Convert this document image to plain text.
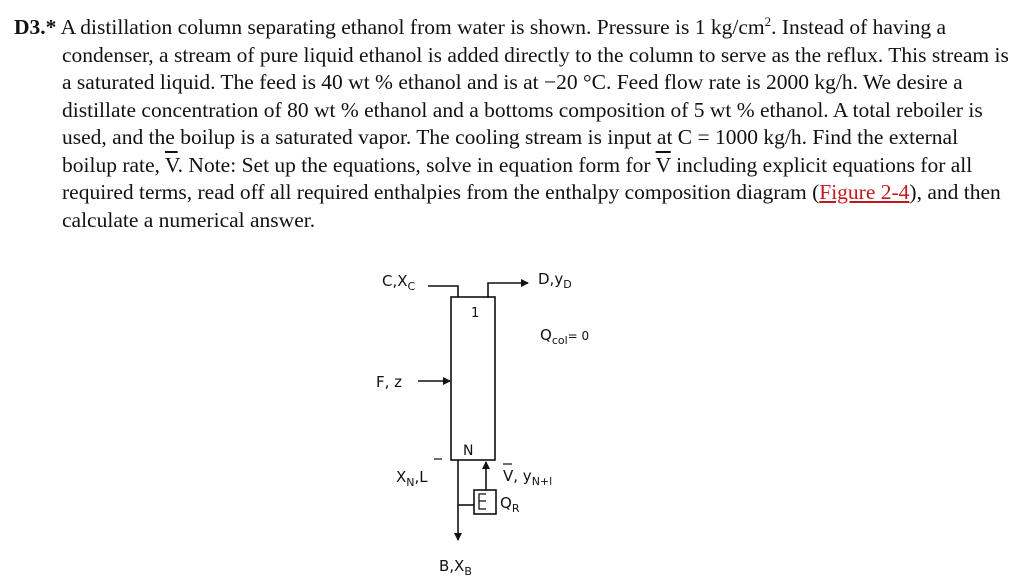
D3.* A distillation column separating ethanol from water is shown. Pressure is 1 $kg/cm^2$. Instead of having a condenser, a stream of pure liquid ethanol is added directly to the column to serve as the reflux. This stream is a saturated liquid. The feed is 40 wt % ethanol and is at −20 °C. Feed flow rate is 2000 kg/h. We desire a distillate concentration of 80 wt % ethanol and a bottoms composition of 5 wt % ethanol. A total reboiler is used, and the boilup is a saturated vapor. The cooling stream is input at C = 1000 kg/h. Find the external boilup rate, $\overline{V}$. Note: Set up the equations, solve in equation form for $\overline{V}$ including explicit equations for all required terms, read off all required enthalpies from the enthalpy composition diagram (Figure 2-4), and then calculate a numerical answer.

$C,X_C$	$D,y_D$
1
N
$Q_{col}^{= 0}$
F, z
$X_N,L$
$Q_R$
V, $y_{N+l}$
$B,X_B$
